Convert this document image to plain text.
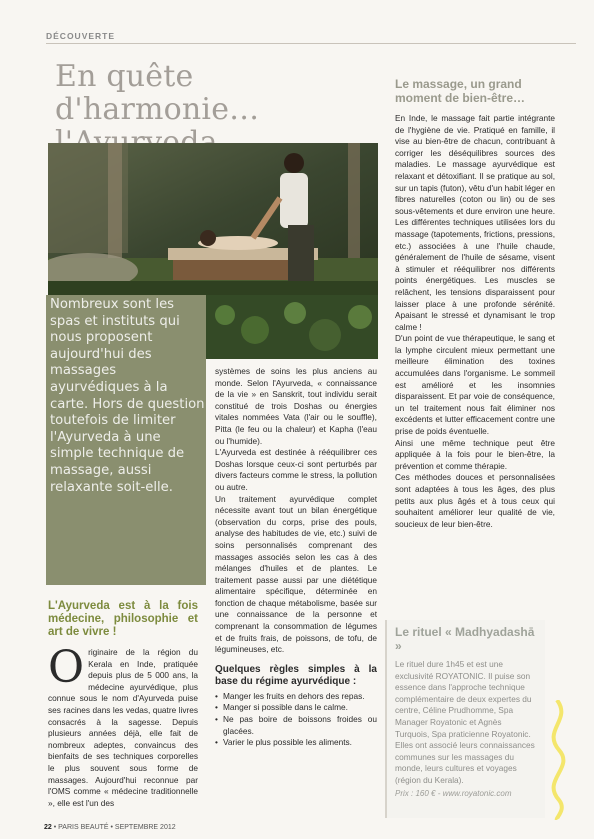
DÉCOUVERTE
En quête d'harmonie…

Nombreux sont les spas et instituts qui nous proposent aujourd'hui des massages ayurvédiques à la carte. Hors de question toutefois de limiter l'Ayurveda à une simple technique de massage, aussi relaxante soit-elle.

L'Ayurveda est à la fois médecine, philosophie et art de vivre !

Originaire de la région du Kerala en Inde, pratiquée depuis plus de 5 000 ans, la médecine ayurvédique, plus connue sous le nom d'Ayurveda puise ses racines dans les vedas, quatre livres consacrés à la sagesse. Depuis plusieurs années déjà, elle fait de nombreux adeptes, convaincus des bienfaits de ses techniques corporelles le plus souvent sous forme de massages. Aujourd'hui reconnue par l'OMS comme « médecine traditionnelle », elle est l'un des

systèmes de soins les plus anciens au monde. Selon l'Ayurveda, « connaissance de la vie » en Sanskrit, tout individu serait constitué de trois Doshas ou énergies vitales nommées Vata (l'air ou le souffle), Pitta (le feu ou la chaleur) et Kapha (l'eau ou l'humide).

L'Ayurveda est destinée à rééquilibrer ces Doshas lorsque ceux-ci sont perturbés par divers facteurs comme le stress, la pollution ou autre.

Un traitement ayurvédique complet nécessite avant tout un bilan énergétique (observation du corps, prise des pouls, analyse des habitudes de vie, etc.) suivi de soins personnalisés comprenant des massages associés selon les cas à des mélanges d'huiles et de plantes. Le traitement passe aussi par une diététique alimentaire spécifique, déterminée en fonction de chaque métabolisme, basée sur une connaissance de la personne et comprenant la consommation de légumes et de fruits frais, de poissons, de tofu, de légumineuses, etc.

Quelques règles simples à la base du régime ayurvédique :
• Manger les fruits en dehors des repas.
• Manger si possible dans le calme.
• Ne pas boire de boissons froides ou glacées.
• Varier le plus possible les aliments.
Le massage, un grand moment de bien-être…

En Inde, le massage fait partie intégrante de l'hygiène de vie. Pratiqué en famille, il vise au bien-être de chacun, contribuant à corriger les déséquilibres sources des maladies. Le massage ayurvédique est relaxant et détoxifiant. Il se pratique au sol, sur un tapis (futon), vêtu d'un habit léger en fibres naturelles (coton ou lin) ou de ses sous-vêtements et dure environ une heure. Les différentes techniques utilisées lors du massage (tapotements, frictions, pressions, etc.) associées à une l'huile chaude, généralement de l'huile de sésame, visent à stimuler et rééquilibrer nos différents points énergétiques. Les muscles se relâchent, les tensions disparaissent pour laisser place à une profonde sérénité. Apaisant le stressé et dynamisant le trop calme !

D'un point de vue thérapeutique, le sang et la lymphe circulent mieux permettant une meilleure élimination des toxines accumulées dans l'organisme. Le sommeil est amélioré et les insomnies disparaissent. Et par voie de conséquence, un tel traitement nous fait éliminer nos excédents et lutter efficacement contre une prise de poids éventuelle.

Ainsi une même technique peut être appliquée à la fois pour le bien-être, la prévention et comme thérapie.

Ces méthodes douces et personnalisées sont adaptées à tous les âges, des plus petits aux plus âgés et à tous ceux qui souhaitent améliorer leur qualité de vie, soucieux de leur bien-être.

Le rituel « Madhyadashā »

Le rituel dure 1h45 et est une exclusivité ROYATONIC. Il puise son essence dans l'approche technique complémentaire de deux expertes du centre, Céline Prudhomme, Spa Manager Royatonic et Agnès Turquois, Spa praticienne Royatonic. Elles ont associé leurs connaissances communes sur les massages du monde, leurs cultures et voyages (région du Kerala).

Prix : 160 € - www.royatonic.com

22 • PARIS BEAUTÉ • SEPTEMBRE 2012
